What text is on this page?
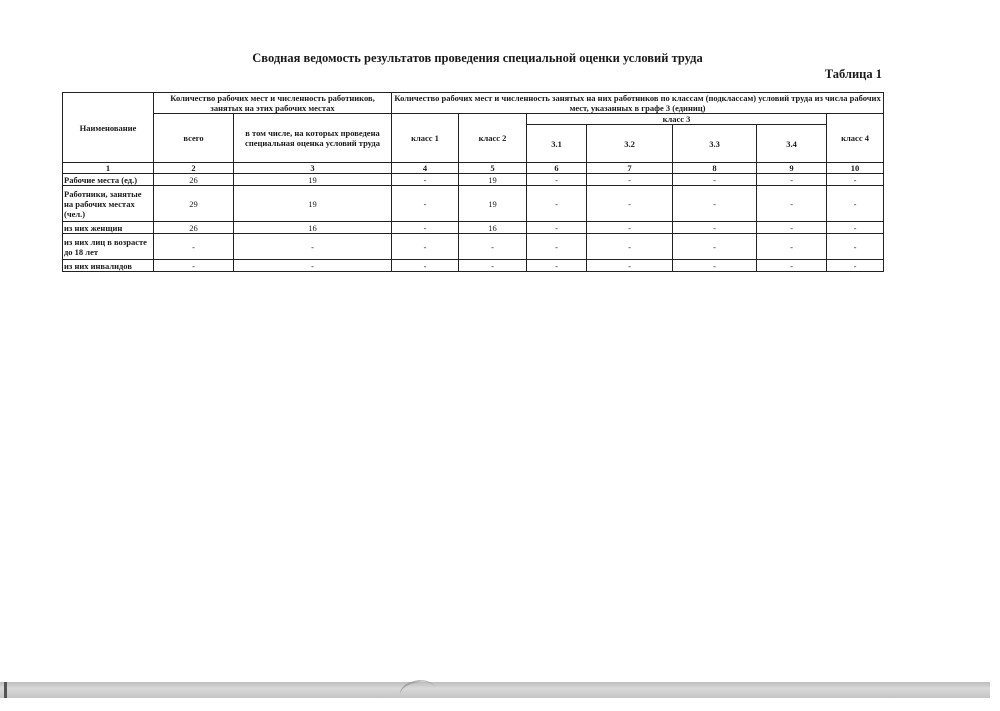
Сводная ведомость результатов проведения специальной оценки условий труда
Таблица 1
Наименование	Количество рабочих мест и численность работников, занятых на этих рабочих местах		Количество рабочих мест и численность занятых на них работников по классам (подклассам) условий труда из числа рабочих мест, указанных в графе 3 (единиц)						
	всего	в том числе, на которых проведена специальная оценка условий труда	класс 1	класс 2	класс 3				класс 4
					3.1	3.2	3.3	3.4	
1	2	3	4	5	6	7	8	9	10
Рабочие места (ед.)	26	19	-	19	-	-	-	-	-
Работники, занятые на рабочих местах (чел.)	29	19	-	19	-	-	-	-	-
из них женщин	26	16	-	16	-	-	-	-	-
из них лиц в возрасте до 18 лет	-	-	-	-	-	-	-	-	-
из них инвалидов	-	-	-	-	-	-	-	-	-
